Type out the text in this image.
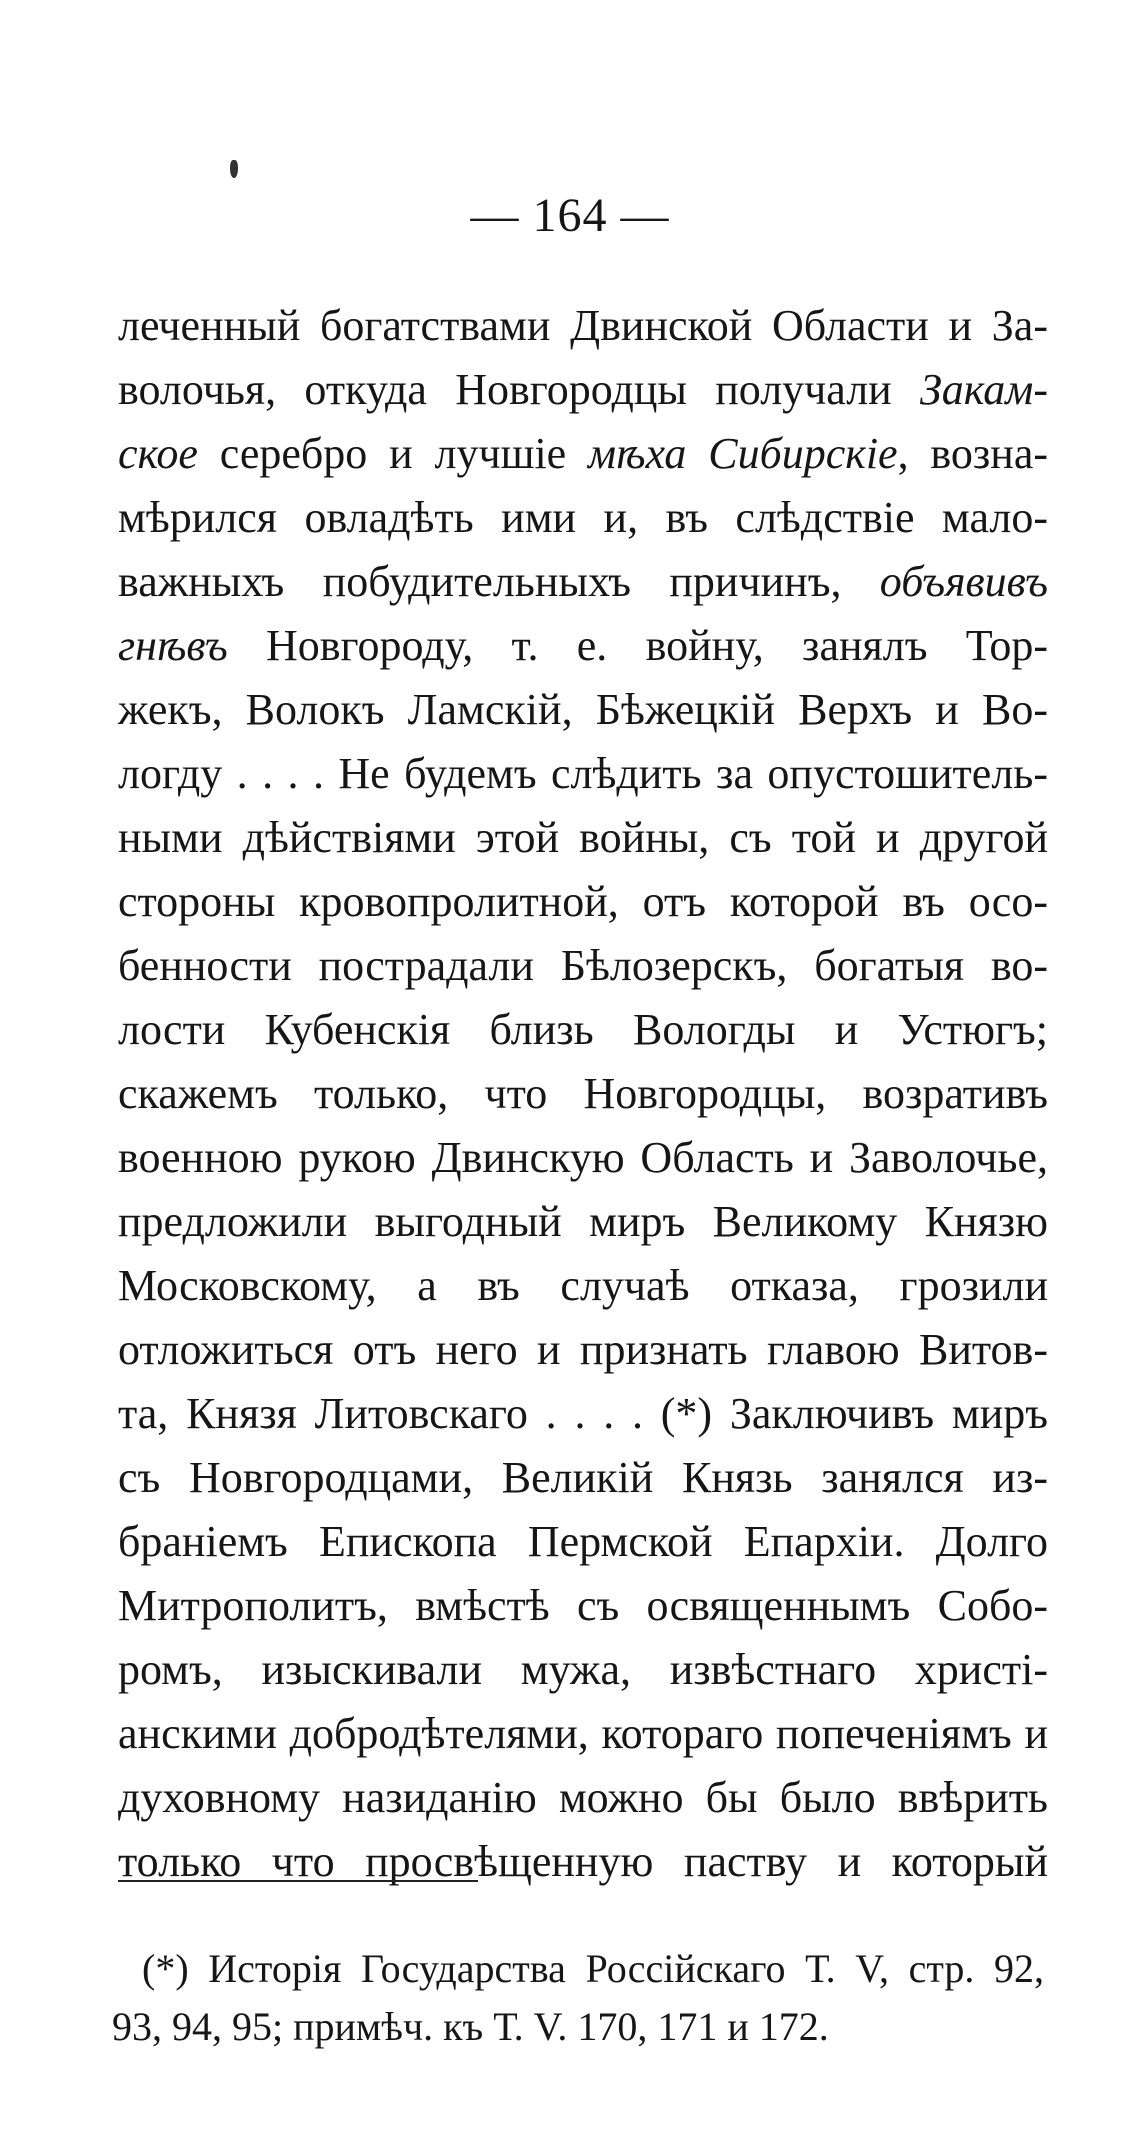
— 164 —
леченный богатствами Двинской Области и За-
волочья, откуда Новгородцы получали Закам-
ское серебро и лучшіе мѣха Сибирскіе, возна-
мѣрился овладѣть ими и, въ слѣдствіе мало-
важныхъ побудительныхъ причинъ, объявивъ
гнѣвъ Новгороду, т. е. войну, занялъ Тор-
жекъ, Волокъ Ламскій, Бѣжецкій Верхъ и Во-
логду . . . . Не будемъ слѣдить за опустошитель-
ными дѣйствіями этой войны, съ той и другой
стороны кровопролитной, отъ которой въ осо-
бенности пострадали Бѣлозерскъ, богатыя во-
лости Кубенскія близь Вологды и Устюгъ;
скажемъ только, что Новгородцы, возративъ
военною рукою Двинскую Область и Заволочье,
предложили выгодный миръ Великому Князю
Московскому, а въ случаѣ отказа, грозили
отложиться отъ него и признать главою Витов-
та, Князя Литовскаго . . . . (*) Заключивъ миръ
съ Новгородцами, Великій Князь занялся из-
браніемъ Епископа Пермской Епархіи. Долго
Митрополитъ, вмѣстѣ съ освященнымъ Собо-
ромъ, изыскивали мужа, извѣстнаго христі-
анскими добродѣтелями, котораго попеченіямъ и
духовному назиданію можно бы было ввѣрить
только что просвѣщенную паству и который
(*) Исторія Государства Россійскаго Т. V, стр. 92,
93, 94, 95; примѣч. къ Т. V. 170, 171 и 172.
